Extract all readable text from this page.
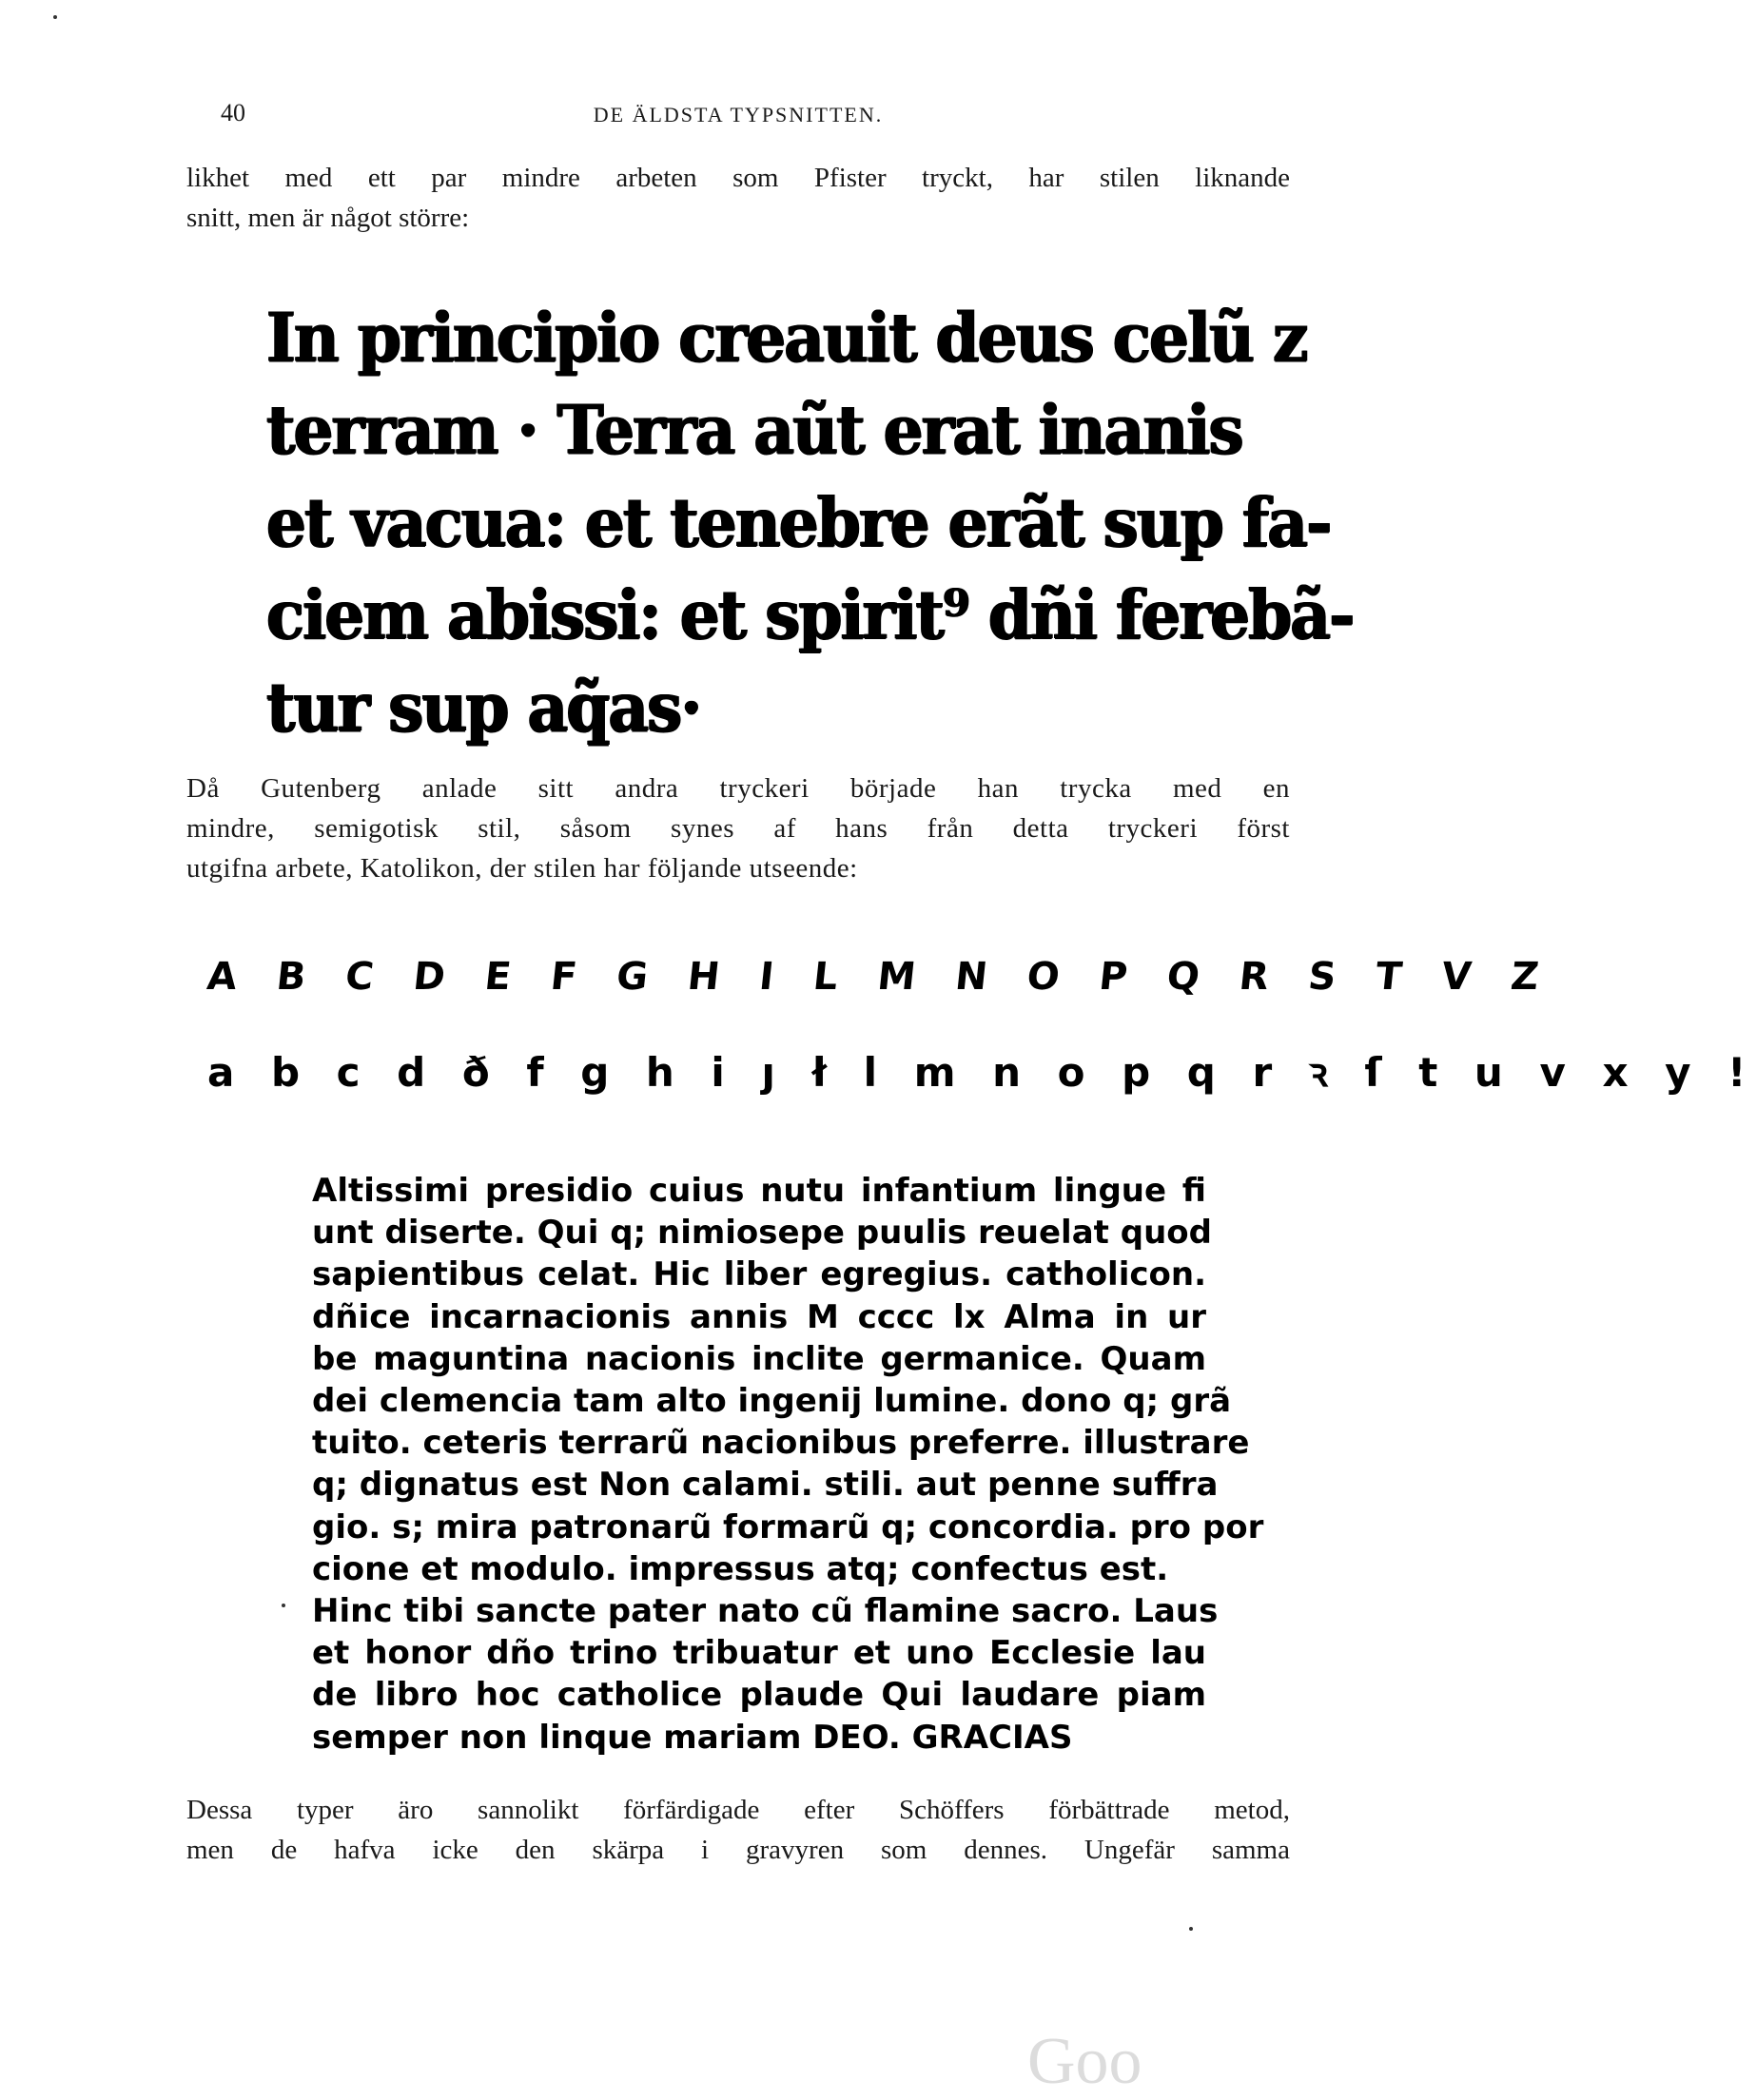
40	DE ÄLDSTA TYPSNITTEN.
likhet med ett par mindre arbeten som Pfister tryckt, har stilen liknande
snitt, men är något större:
In principio creauit deus celũ z
terram · Terra aũt erat inanis
et vacua: et tenebre erãt sup fa-
ciem abissi: et spirit⁹ dñi ferebã-
tur sup aq̃as·
Då Gutenberg anlade sitt andra tryckeri började han trycka med en
mindre, semigotisk stil, såsom synes af hans från detta tryckeri först
utgifna arbete, Katolikon, der stilen har följande utseende:
A B C D E F G H I L M N O P Q R S T V Z
a b c d ð f g h i ȷ ł l m n o p q r ꝛ ſ t u v x y !
Altissimi presidio cuius nutu infantium lingue fi
unt diserte. Qui q; nimiosepe puulis reuelat quod
sapientibus celat. Hic liber egregius. catholicon.
dñice incarnacionis annis M cccc lx Alma in ur
be maguntina nacionis inclite germanice. Quam
dei clemencia tam alto ingenij lumine. dono q; grã
tuito. ceteris terrarũ nacionibus preferre. illustrare
q; dignatus est Non calami. stili. aut penne suffra
gio. s; mira patronarũ formarũ q; concordia. pro por
cione et modulo. impressus atq; confectus est.
Hinc tibi sancte pater nato cũ flamine sacro. Laus
et honor dño trino tribuatur et uno Ecclesie lau
de libro hoc catholice plaude Qui laudare piam
semper non linque mariam DEO. GRACIAS
Dessa typer äro sannolikt förfärdigade efter Schöffers förbättrade metod,
men de hafva icke den skärpa i gravyren som dennes. Ungefär samma
Goo
